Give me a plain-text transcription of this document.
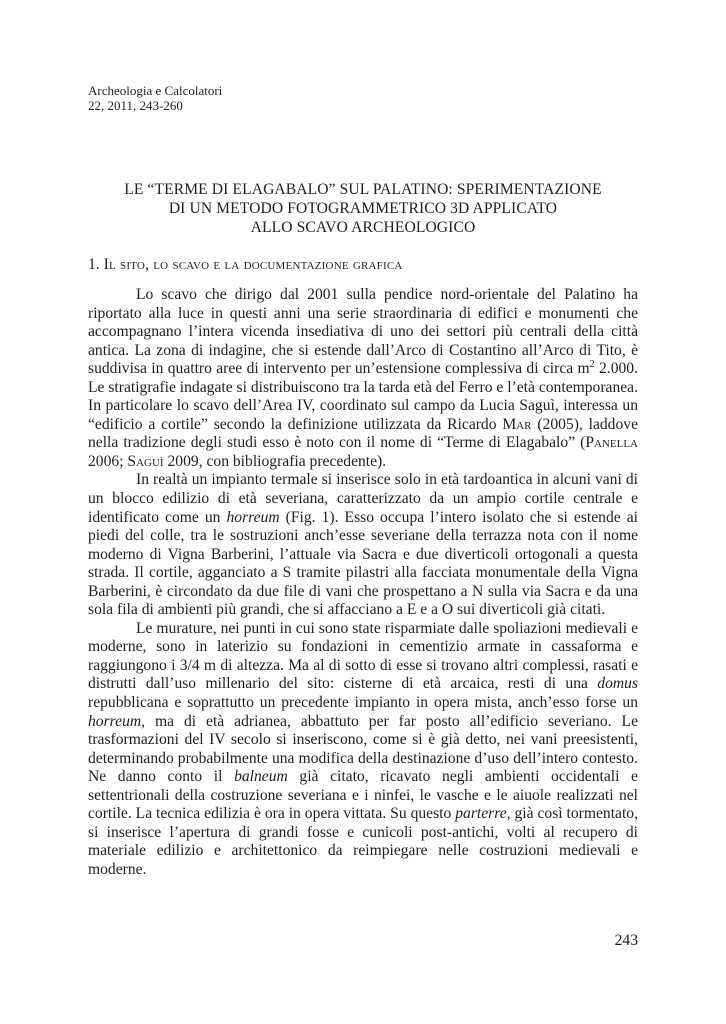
Archeologia e Calcolatori
22, 2011, 243-260
LE “TERME DI ELAGABALO” SUL PALATINO: SPERIMENTAZIONE
DI UN METODO FOTOGRAMMETRICO 3D APPLICATO
ALLO SCAVO ARCHEOLOGICO
1. Il sito, lo scavo e la documentazione grafica

Lo scavo che dirigo dal 2001 sulla pendice nord-orientale del Palatino ha riportato alla luce in questi anni una serie straordinaria di edifici e monumenti che accompagnano l’intera vicenda insediativa di uno dei settori più centrali della città antica. La zona di indagine, che si estende dall’Arco di Costantino all’Arco di Tito, è suddivisa in quattro aree di intervento per un’estensione complessiva di circa $m^2$ 2.000. Le stratigrafie indagate si distribuiscono tra la tarda età del Ferro e l’età contemporanea. In particolare lo scavo dell’Area IV, coordinato sul campo da Lucia Saguì, interessa un “edificio a cortile” secondo la definizione utilizzata da Ricardo Mar (2005), laddove nella tradizione degli studi esso è noto con il nome di “Terme di Elagabalo” (Panella 2006; Saguì 2009, con bibliografia precedente).

In realtà un impianto termale si inserisce solo in età tardoantica in alcuni vani di un blocco edilizio di età severiana, caratterizzato da un ampio cortile centrale e identificato come un horreum (Fig. 1). Esso occupa l’intero isolato che si estende ai piedi del colle, tra le sostruzioni anch’esse severiane della terrazza nota con il nome moderno di Vigna Barberini, l’attuale via Sacra e due diverticoli ortogonali a questa strada. Il cortile, agganciato a S tramite pilastri alla facciata monumentale della Vigna Barberini, è circondato da due file di vani che prospettano a N sulla via Sacra e da una sola fila di ambienti più grandi, che si affacciano a E e a O sui diverticoli già citati.

Le murature, nei punti in cui sono state risparmiate dalle spoliazioni medievali e moderne, sono in laterizio su fondazioni in cementizio armate in cassaforma e raggiungono i 3/4 m di altezza. Ma al di sotto di esse si trovano altri complessi, rasati e distrutti dall’uso millenario del sito: cisterne di età arcaica, resti di una domus repubblicana e soprattutto un precedente impianto in opera mista, anch’esso forse un horreum, ma di età adrianea, abbattuto per far posto all’edificio severiano. Le trasformazioni del IV secolo si inseriscono, come si è già detto, nei vani preesistenti, determinando probabilmente una modifica della destinazione d’uso dell’intero contesto. Ne danno conto il balneum già citato, ricavato negli ambienti occidentali e settentrionali della costruzione severiana e i ninfei, le vasche e le aiuole realizzati nel cortile. La tecnica edilizia è ora in opera vittata. Su questo parterre, già così tormentato, si inserisce l’apertura di grandi fosse e cunicoli post-antichi, volti al recupero di materiale edilizio e architettonico da reimpiegare nelle costruzioni medievali e moderne.

243
